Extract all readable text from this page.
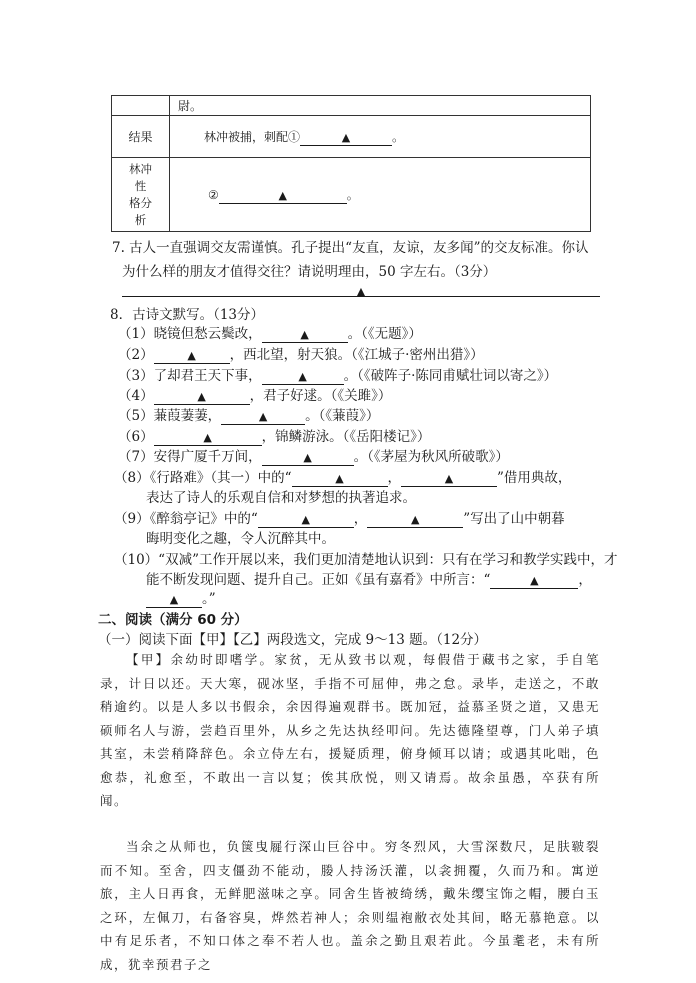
	尉。
结果	林冲被捕，刺配① ▲ 。

林冲
性
格分
析	② ▲ 。
7. 古人一直强调交友需谨慎。孔子提出“友直，友谅，友多闻”的交友标准。你认
为什么样的朋友才值得交往？请说明理由，50 字左右。（3分）
▲
8．古诗文默写。（13分）
（1）晓镜但愁云鬓改，	▲	。（《无题》）
（2）	▲	，西北望，射天狼。（《江城子·密州出猎》）
（3）了却君王天下事，	▲	。（《破阵子·陈同甫赋壮词以寄之》）
（4）	▲	，君子好逑。（《关雎》）
（5）蒹葭萋萋，	▲	。（《蒹葭》）
（6）	▲	，锦鳞游泳。（《岳阳楼记》）
（7）安得广厦千万间，	▲	。（《茅屋为秋风所破歌》）
（8）《行路难》（其一）中的“	▲	，	▲	”借用典故，
表达了诗人的乐观自信和对梦想的执著追求。
（9）《醉翁亭记》中的“	▲	，	▲	”写出了山中朝暮
晦明变化之趣，令人沉醉其中。
（10）“双减”工作开展以来，我们更加清楚地认识到：只有在学习和教学实践中，才
能不断发现问题、提升自己。正如《虽有嘉肴》中所言：“	▲	，
▲ 。”
二、阅读（满分 60 分）
（一）阅读下面【甲】【乙】两段选文，完成 9～13 题。（12分）
【甲】余幼时即嗜学。家贫，无从致书以观，每假借于藏书之家，手自笔录，计日以还。天大寒，砚冰坚，手指不可屈伸，弗之怠。录毕，走送之，不敢稍逾约。以是人多以书假余，余因得遍观群书。既加冠，益慕圣贤之道，又患无硕师名人与游，尝趋百里外，从乡之先达执经叩问。先达德隆望尊，门人弟子填其室，未尝稍降辞色。余立侍左右，援疑质理，俯身倾耳以请；或遇其叱咄，色愈恭，礼愈至，不敢出一言以复；俟其欣悦，则又请焉。故余虽愚，卒获有所闻。
当余之从师也，负箧曳屣行深山巨谷中。穷冬烈风，大雪深数尺，足肤皲裂而不知。至舍，四支僵劲不能动，媵人持汤沃灌，以衾拥覆，久而乃和。寓逆旅，主人日再食，无鲜肥滋味之享。同舍生皆被绮绣，戴朱缨宝饰之帽，腰白玉之环，左佩刀，右备容臭，烨然若神人；余则缊袍敝衣处其间，略无慕艳意。以中有足乐者，不知口体之奉不若人也。盖余之勤且艰若此。今虽耄老，未有所成，犹幸预君子之
